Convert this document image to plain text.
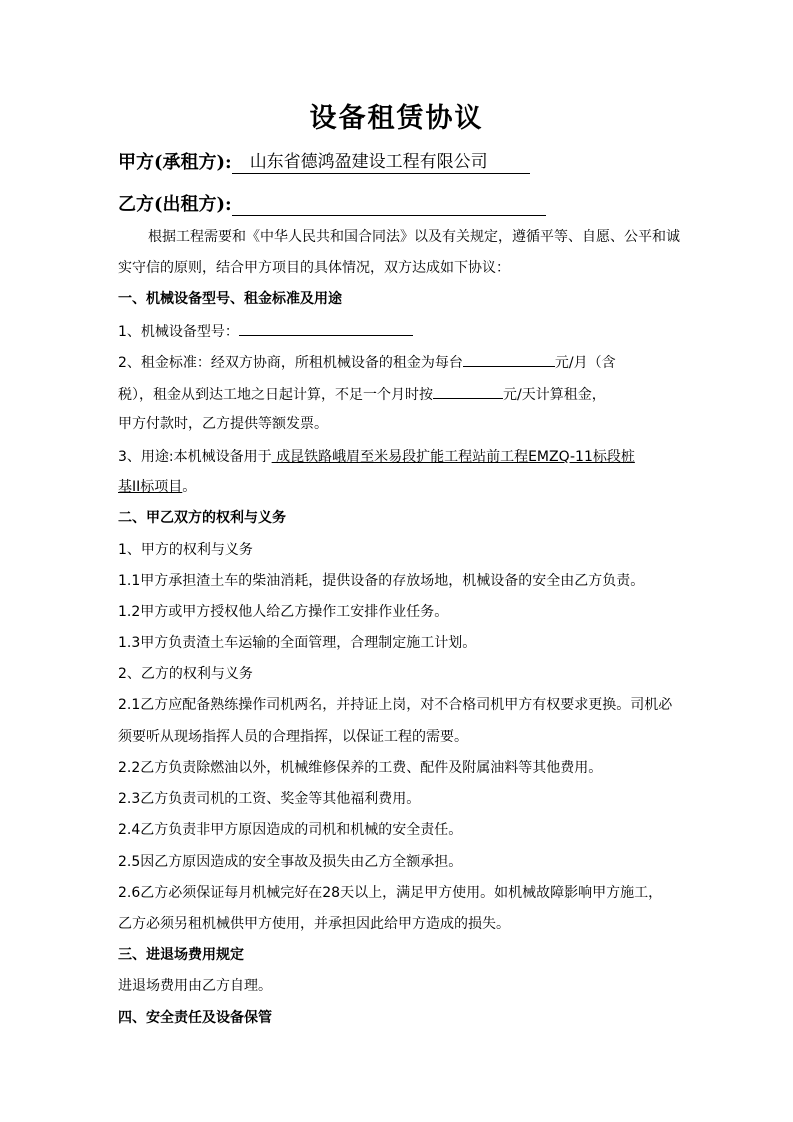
设备租赁协议
甲方(承租方):	山东省德鸿盈建设工程有限公司
乙方(出租方):
根据工程需要和《中华人民共和国合同法》以及有关规定，遵循平等、自愿、公平和诚
实守信的原则，结合甲方项目的具体情况，双方达成如下协议：
一、机械设备型号、租金标准及用途
1、机械设备型号：
2、租金标准：经双方协商，所租机械设备的租金为每台	元/月（含
税），租金从到达工地之日起计算，不足一个月时按	元/天计算租金，
甲方付款时，乙方提供等额发票。
3、用途:本机械设备用于 成昆铁路峨眉至米易段扩能工程站前工程EMZQ-11标段桩
基II标项目。
二、甲乙双方的权利与义务
1、甲方的权利与义务
1.1甲方承担渣土车的柴油消耗，提供设备的存放场地，机械设备的安全由乙方负责。
1.2甲方或甲方授权他人给乙方操作工安排作业任务。
1.3甲方负责渣土车运输的全面管理，合理制定施工计划。
2、乙方的权利与义务
2.1乙方应配备熟练操作司机两名，并持证上岗，对不合格司机甲方有权要求更换。司机必
须要听从现场指挥人员的合理指挥，以保证工程的需要。
2.2乙方负责除燃油以外，机械维修保养的工费、配件及附属油料等其他费用。
2.3乙方负责司机的工资、奖金等其他福利费用。
2.4乙方负责非甲方原因造成的司机和机械的安全责任。
2.5因乙方原因造成的安全事故及损失由乙方全额承担。
2.6乙方必须保证每月机械完好在28天以上，满足甲方使用。如机械故障影响甲方施工，
乙方必须另租机械供甲方使用，并承担因此给甲方造成的损失。
三、进退场费用规定
进退场费用由乙方自理。
四、安全责任及设备保管
